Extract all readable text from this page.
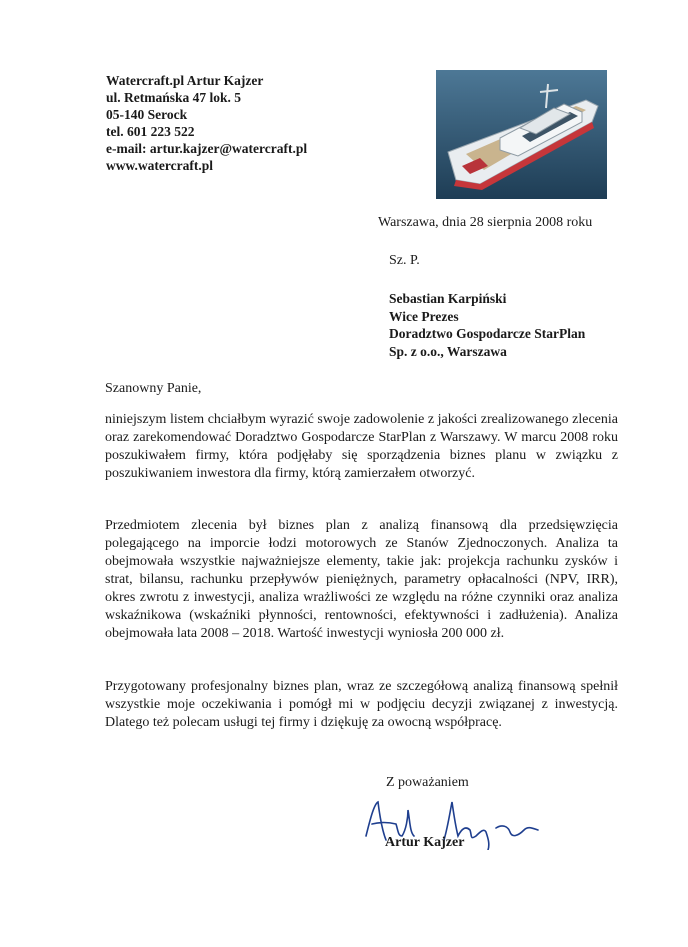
Watercraft.pl Artur Kajzer
ul. Retmańska 47 lok. 5
05-140 Serock
tel. 601 223 522
e-mail: artur.kajzer@watercraft.pl
www.watercraft.pl
Warszawa, dnia 28 sierpnia 2008 roku
Sz. P.
Sebastian Karpiński
Wice Prezes
Doradztwo Gospodarcze StarPlan
Sp. z o.o., Warszawa
Szanowny Panie,
niniejszym listem chciałbym wyrazić swoje zadowolenie z jakości zrealizowanego zlecenia oraz zarekomendować Doradztwo Gospodarcze StarPlan z Warszawy. W marcu 2008 roku poszukiwałem firmy, która podjęłaby się sporządzenia biznes planu w związku z poszukiwaniem inwestora dla firmy, którą zamierzałem otworzyć.
Przedmiotem zlecenia był biznes plan z analizą finansową dla przedsięwzięcia polegającego na imporcie łodzi motorowych ze Stanów Zjednoczonych. Analiza ta obejmowała wszystkie najważniejsze elementy, takie jak: projekcja rachunku zysków i strat, bilansu, rachunku przepływów pieniężnych, parametry opłacalności (NPV, IRR), okres zwrotu z inwestycji, analiza wrażliwości ze względu na różne czynniki oraz analiza wskaźnikowa (wskaźniki płynności, rentowności, efektywności i zadłużenia). Analiza obejmowała lata 2008 – 2018. Wartość inwestycji wyniosła 200 000 zł.
Przygotowany profesjonalny biznes plan, wraz ze szczegółową analizą finansową spełnił wszystkie moje oczekiwania i pomógł mi w podjęciu decyzji związanej z inwestycją. Dlatego też polecam usługi tej firmy i dziękuję za owocną współpracę.
Z poważaniem
Artur Kajzer
